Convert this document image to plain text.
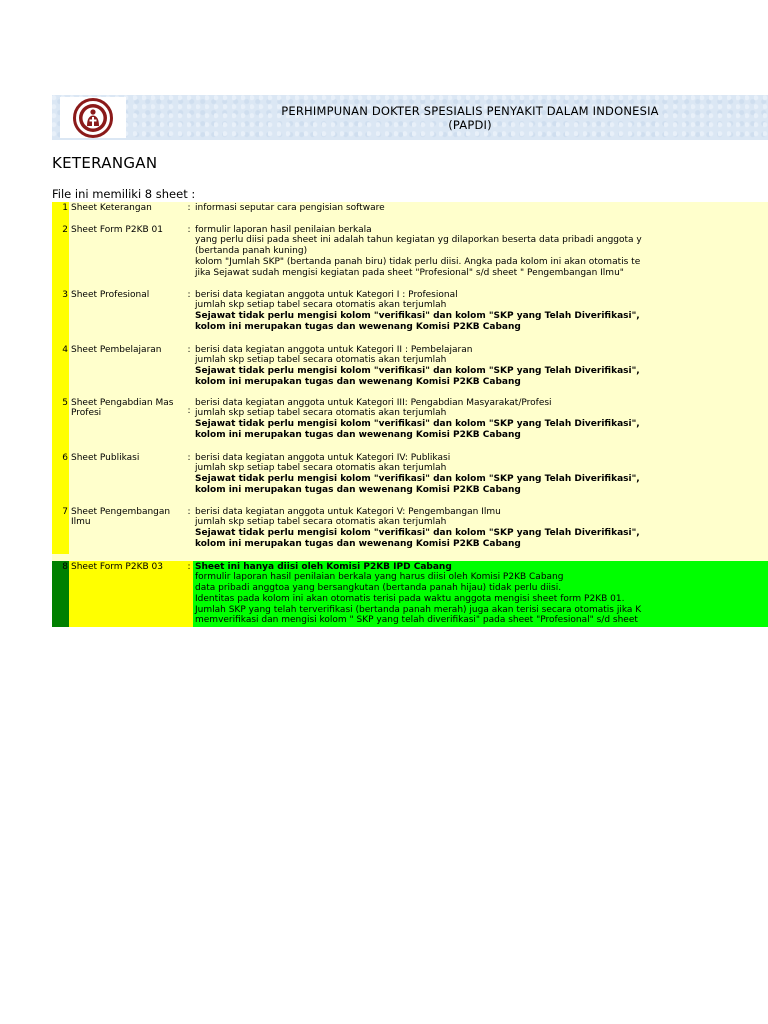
PERHIMPUNAN DOKTER SPESIALIS PENYAKIT DALAM INDONESIA
(PAPDI)
KETERANGAN
File ini memiliki 8 sheet :
1 Sheet Keterangan	: informasi seputar cara pengisian software
2 Sheet Form P2KB 01	: formulir laporan hasil penilaian berkala
yang perlu diisi pada sheet ini adalah tahun kegiatan yg dilaporkan beserta data pribadi anggota y
(bertanda panah kuning)
kolom "Jumlah SKP" (bertanda panah biru) tidak perlu diisi. Angka pada kolom ini akan otomatis te
jika Sejawat sudah mengisi kegiatan pada sheet "Profesional" s/d sheet " Pengembangan Ilmu"
3 Sheet Profesional	: berisi data kegiatan anggota untuk Kategori I : Profesional
jumlah skp setiap tabel secara otomatis akan terjumlah
Sejawat tidak perlu mengisi kolom "verifikasi" dan kolom "SKP yang Telah Diverifikasi",
kolom ini merupakan tugas dan wewenang Komisi P2KB Cabang
4 Sheet Pembelajaran	: berisi data kegiatan anggota untuk Kategori II : Pembelajaran
jumlah skp setiap tabel secara otomatis akan terjumlah
Sejawat tidak perlu mengisi kolom "verifikasi" dan kolom "SKP yang Telah Diverifikasi",
kolom ini merupakan tugas dan wewenang Komisi P2KB Cabang
5 Sheet Pengabdian Mas
Profesi	:
berisi data kegiatan anggota untuk Kategori III: Pengabdian Masyarakat/Profesi
jumlah skp setiap tabel secara otomatis akan terjumlah
Sejawat tidak perlu mengisi kolom "verifikasi" dan kolom "SKP yang Telah Diverifikasi",
kolom ini merupakan tugas dan wewenang Komisi P2KB Cabang
6 Sheet Publikasi	: berisi data kegiatan anggota untuk Kategori IV: Publikasi
jumlah skp setiap tabel secara otomatis akan terjumlah
Sejawat tidak perlu mengisi kolom "verifikasi" dan kolom "SKP yang Telah Diverifikasi",
kolom ini merupakan tugas dan wewenang Komisi P2KB Cabang
7 Sheet Pengembangan
Ilmu
: berisi data kegiatan anggota untuk Kategori V: Pengembangan Ilmu
jumlah skp setiap tabel secara otomatis akan terjumlah
Sejawat tidak perlu mengisi kolom "verifikasi" dan kolom "SKP yang Telah Diverifikasi",
kolom ini merupakan tugas dan wewenang Komisi P2KB Cabang
8 Sheet Form P2KB 03	: Sheet ini hanya diisi oleh Komisi P2KB IPD Cabang
formulir laporan hasil penilaian berkala yang harus diisi oleh Komisi P2KB Cabang
data pribadi anggtoa yang bersangkutan (bertanda panah hijau) tidak perlu diisi.
Identitas pada kolom ini akan otomatis terisi pada waktu anggota mengisi sheet form P2KB 01.
Jumlah SKP yang telah terverifikasi (bertanda panah merah) juga akan terisi secara otomatis jika K
memverifikasi dan mengisi kolom " SKP yang telah diverifikasi" pada sheet "Profesional" s/d sheet
